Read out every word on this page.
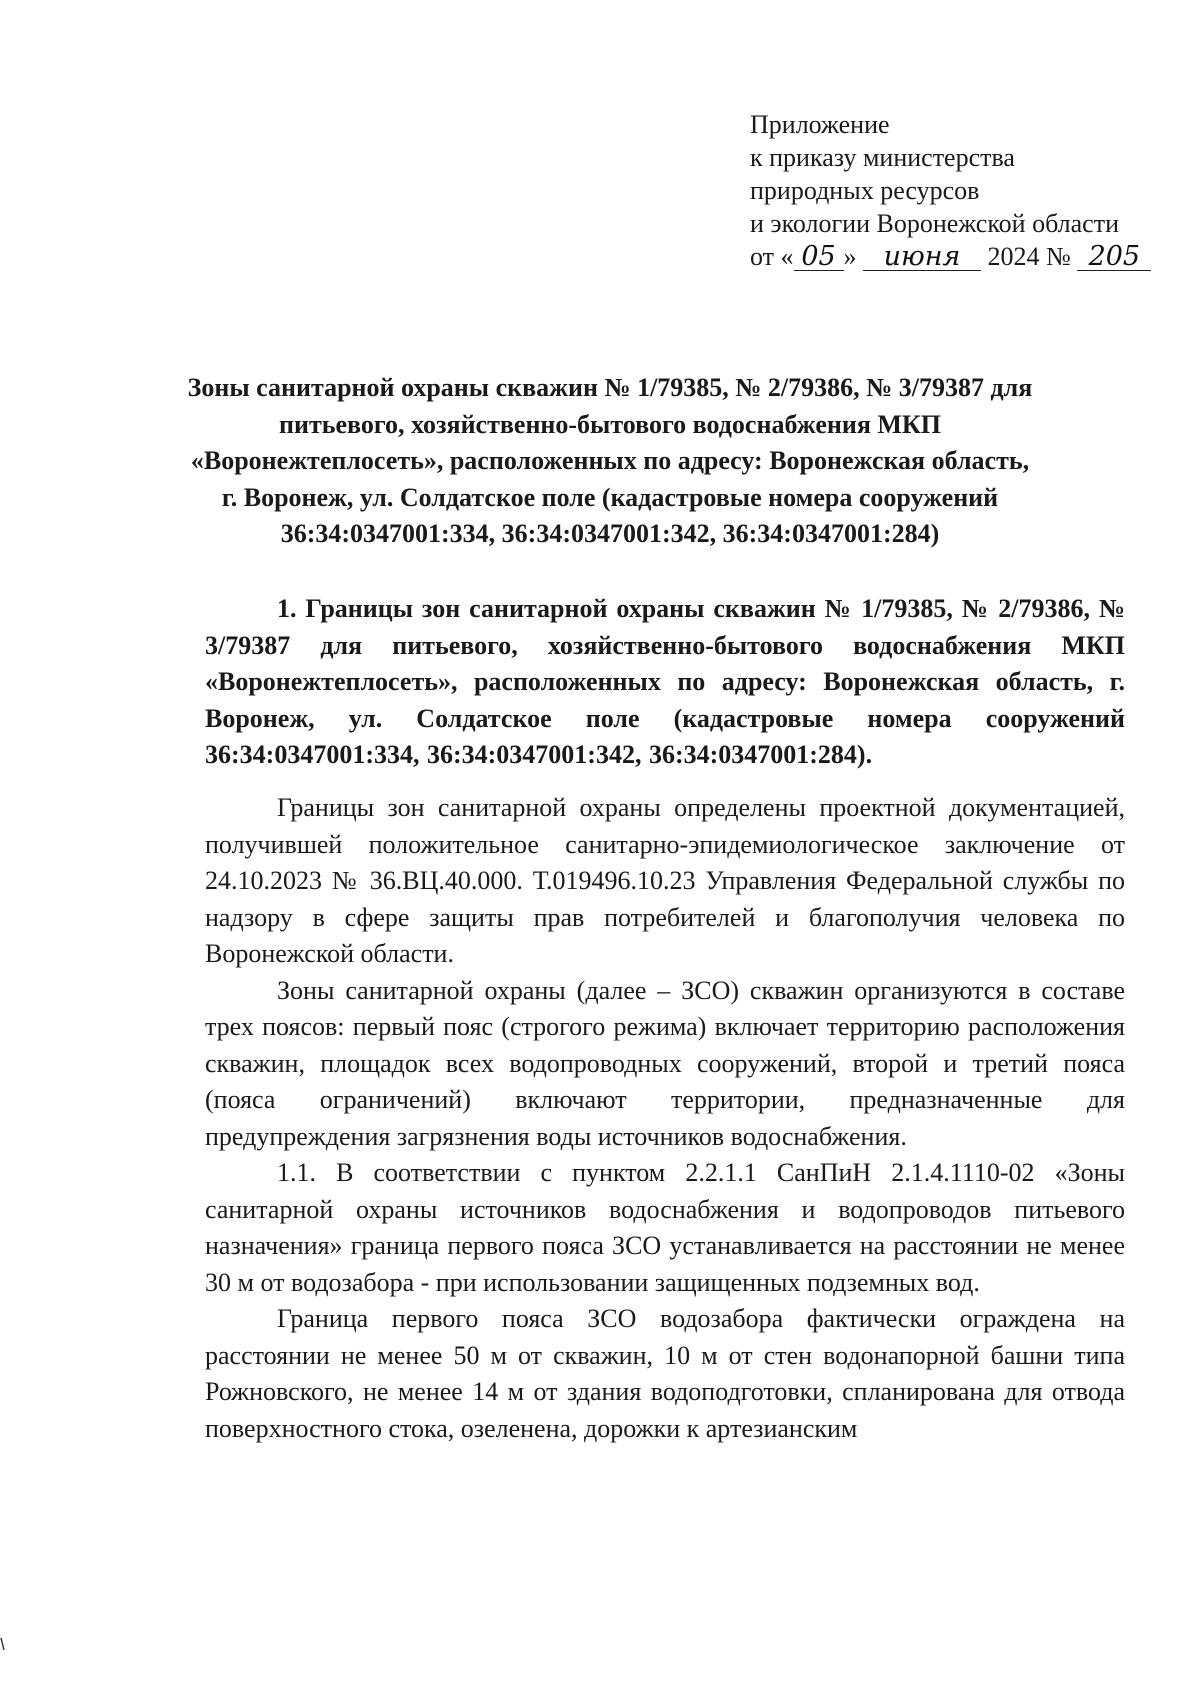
Приложение
к приказу министерства
природных ресурсов
и экологии Воронежской области
от « 05 » июня 2024 № 205
Зоны санитарной охраны скважин № 1/79385, № 2/79386, № 3/79387 для питьевого, хозяйственно-бытового водоснабжения МКП «Воронежтеплосеть», расположенных по адресу: Воронежская область, г. Воронеж, ул. Солдатское поле (кадастровые номера сооружений 36:34:0347001:334, 36:34:0347001:342, 36:34:0347001:284)
1. Границы зон санитарной охраны скважин № 1/79385, № 2/79386, № 3/79387 для питьевого, хозяйственно-бытового водоснабжения МКП «Воронежтеплосеть», расположенных по адресу: Воронежская область, г. Воронеж, ул. Солдатское поле (кадастровые номера сооружений 36:34:0347001:334, 36:34:0347001:342, 36:34:0347001:284).

Границы зон санитарной охраны определены проектной документацией, получившей положительное санитарно-эпидемиологическое заключение от 24.10.2023 № 36.ВЦ.40.000. Т.019496.10.23 Управления Федеральной службы по надзору в сфере защиты прав потребителей и благополучия человека по Воронежской области.

Зоны санитарной охраны (далее – ЗСО) скважин организуются в составе трех поясов: первый пояс (строгого режима) включает территорию расположения скважин, площадок всех водопроводных сооружений, второй и третий пояса (пояса ограничений) включают территории, предназначенные для предупреждения загрязнения воды источников водоснабжения.

1.1. В соответствии с пунктом 2.2.1.1 СанПиН 2.1.4.1110-02 «Зоны санитарной охраны источников водоснабжения и водопроводов питьевого назначения» граница первого пояса ЗСО устанавливается на расстоянии не менее 30 м от водозабора - при использовании защищенных подземных вод.

Граница первого пояса ЗСО водозабора фактически ограждена на расстоянии не менее 50 м от скважин, 10 м от стен водонапорной башни типа Рожновского, не менее 14 м от здания водоподготовки, спланирована для отвода поверхностного стока, озеленена, дорожки к артезианским
